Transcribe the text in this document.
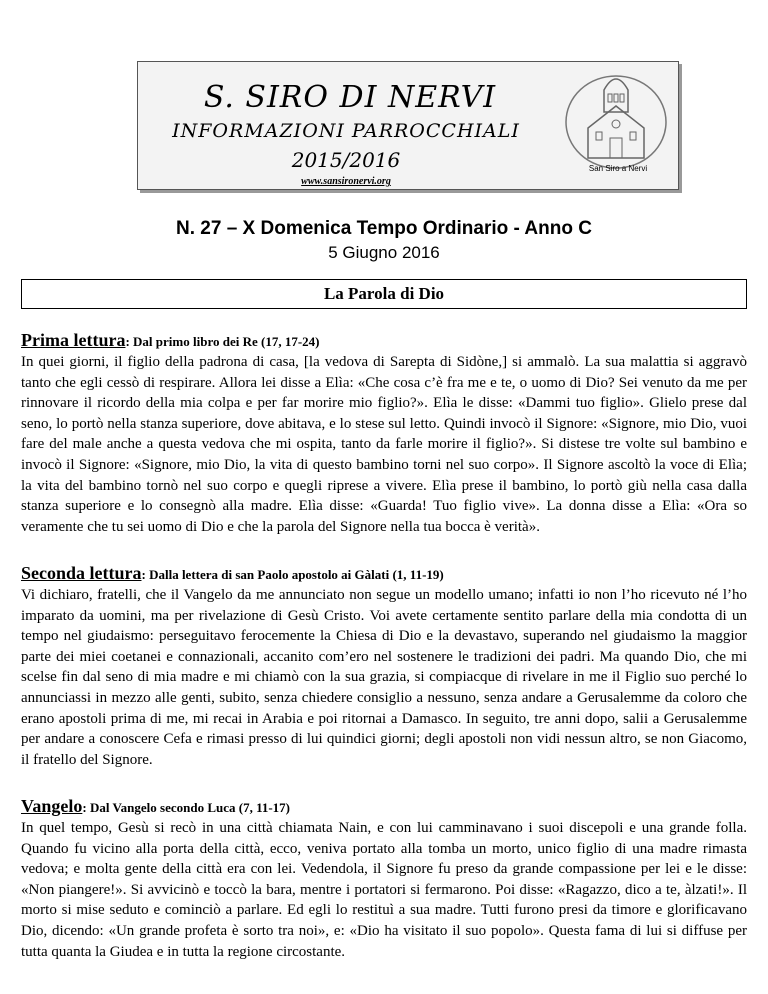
S. SIRO DI NERVI
INFORMAZIONI PARROCCHIALI
2015/2016
www.sansironervi.org
San Siro a Nervi
N. 27 – X Domenica Tempo Ordinario - Anno C
5 Giugno 2016
La Parola di Dio
Prima lettura: Dal primo libro dei Re (17, 17-24)

In quei giorni, il figlio della padrona di casa, [la vedova di Sarepta di Sidòne,] si ammalò. La sua malattia si aggravò tanto che egli cessò di respirare. Allora lei disse a Elìa: «Che cosa c’è fra me e te, o uomo di Dio? Sei venuto da me per rinnovare il ricordo della mia colpa e per far morire mio figlio?». Elìa le disse: «Dammi tuo figlio». Glielo prese dal seno, lo portò nella stanza superiore, dove abitava, e lo stese sul letto. Quindi invocò il Signore: «Signore, mio Dio, vuoi fare del male anche a questa vedova che mi ospita, tanto da farle morire il figlio?». Si distese tre volte sul bambino e invocò il Signore: «Signore, mio Dio, la vita di questo bambino torni nel suo corpo». Il Signore ascoltò la voce di Elìa; la vita del bambino tornò nel suo corpo e quegli riprese a vivere. Elìa prese il bambino, lo portò giù nella casa dalla stanza superiore e lo consegnò alla madre. Elìa disse: «Guarda! Tuo figlio vive». La donna disse a Elìa: «Ora so veramente che tu sei uomo di Dio e che la parola del Signore nella tua bocca è verità».

Seconda lettura: Dalla lettera di san Paolo apostolo ai Gàlati (1, 11-19)

Vi dichiaro, fratelli, che il Vangelo da me annunciato non segue un modello umano; infatti io non l’ho ricevuto né l’ho imparato da uomini, ma per rivelazione di Gesù Cristo. Voi avete certamente sentito parlare della mia condotta di un tempo nel giudaismo: perseguitavo ferocemente la Chiesa di Dio e la devastavo, superando nel giudaismo la maggior parte dei miei coetanei e connazionali, accanito com’ero nel sostenere le tradizioni dei padri. Ma quando Dio, che mi scelse fin dal seno di mia madre e mi chiamò con la sua grazia, si compiacque di rivelare in me il Figlio suo perché lo annunciassi in mezzo alle genti, subito, senza chiedere consiglio a nessuno, senza andare a Gerusalemme da coloro che erano apostoli prima di me, mi recai in Arabia e poi ritornai a Damasco. In seguito, tre anni dopo, salii a Gerusalemme per andare a conoscere Cefa e rimasi presso di lui quindici giorni; degli apostoli non vidi nessun altro, se non Giacomo, il fratello del Signore.

Vangelo: Dal Vangelo secondo Luca (7, 11-17)

In quel tempo, Gesù si recò in una città chiamata Nain, e con lui camminavano i suoi discepoli e una grande folla. Quando fu vicino alla porta della città, ecco, veniva portato alla tomba un morto, unico figlio di una madre rimasta vedova; e molta gente della città era con lei. Vedendola, il Signore fu preso da grande compassione per lei e le disse: «Non piangere!». Si avvicinò e toccò la bara, mentre i portatori si fermarono. Poi disse: «Ragazzo, dico a te, àlzati!». Il morto si mise seduto e cominciò a parlare. Ed egli lo restituì a sua madre. Tutti furono presi da timore e glorificavano Dio, dicendo: «Un grande profeta è sorto tra noi», e: «Dio ha visitato il suo popolo». Questa fama di lui si diffuse per tutta quanta la Giudea e in tutta la regione circostante.
